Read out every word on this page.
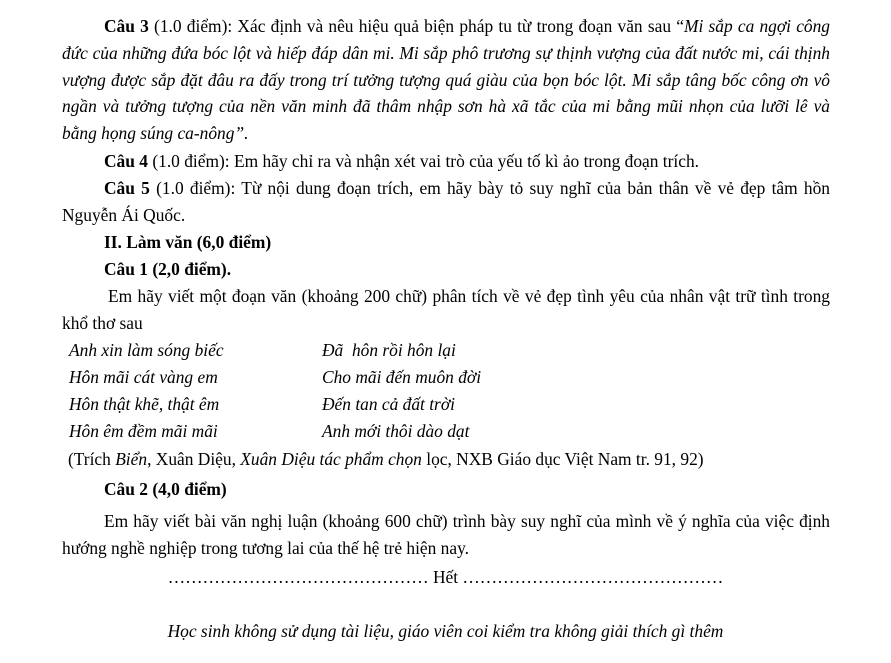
Câu 3 (1.0 điểm): Xác định và nêu hiệu quả biện pháp tu từ trong đoạn văn sau “Mi sắp ca ngợi công đức của những đứa bóc lột và hiếp đáp dân mi. Mi sắp phô trương sự thịnh vượng của đất nước mi, cái thịnh vượng được sắp đặt đâu ra đấy trong trí tưởng tượng quá giàu của bọn bóc lột. Mi sắp tâng bốc công ơn vô ngần và tưởng tượng của nền văn minh đã thâm nhập sơn hà xã tắc của mi bằng mũi nhọn của lưỡi lê và bằng họng súng ca-nông”.
Câu 4 (1.0 điểm): Em hãy chỉ ra và nhận xét vai trò của yếu tố kì ảo trong đoạn trích.
Câu 5 (1.0 điểm): Từ nội dung đoạn trích, em hãy bày tỏ suy nghĩ của bản thân về vẻ đẹp tâm hồn Nguyễn Ái Quốc.
II. Làm văn (6,0 điểm)
Câu 1 (2,0 điểm).
Em hãy viết một đoạn văn (khoảng 200 chữ) phân tích về vẻ đẹp tình yêu của nhân vật trữ tình trong khổ thơ sau
Anh xin làm sóng biếc
Hôn mãi cát vàng em
Hôn thật khẽ, thật êm
Hôn êm đềm mãi mãi
Đã  hôn rồi hôn lại
Cho mãi đến muôn đời
Đến tan cả đất trời
Anh mới thôi dào dạt
(Trích Biển, Xuân Diệu, Xuân Diệu tác phẩm chọn lọc, NXB Giáo dục Việt Nam tr. 91, 92)
Câu 2 (4,0 điểm)
Em hãy viết bài văn nghị luận (khoảng 600 chữ) trình bày suy nghĩ của mình về ý nghĩa của việc định hướng nghề nghiệp trong tương lai của thế hệ trẻ hiện nay.
……………………………………… Hết ………………………………………
Học sinh không sử dụng tài liệu, giáo viên coi kiểm tra không giải thích gì thêm
